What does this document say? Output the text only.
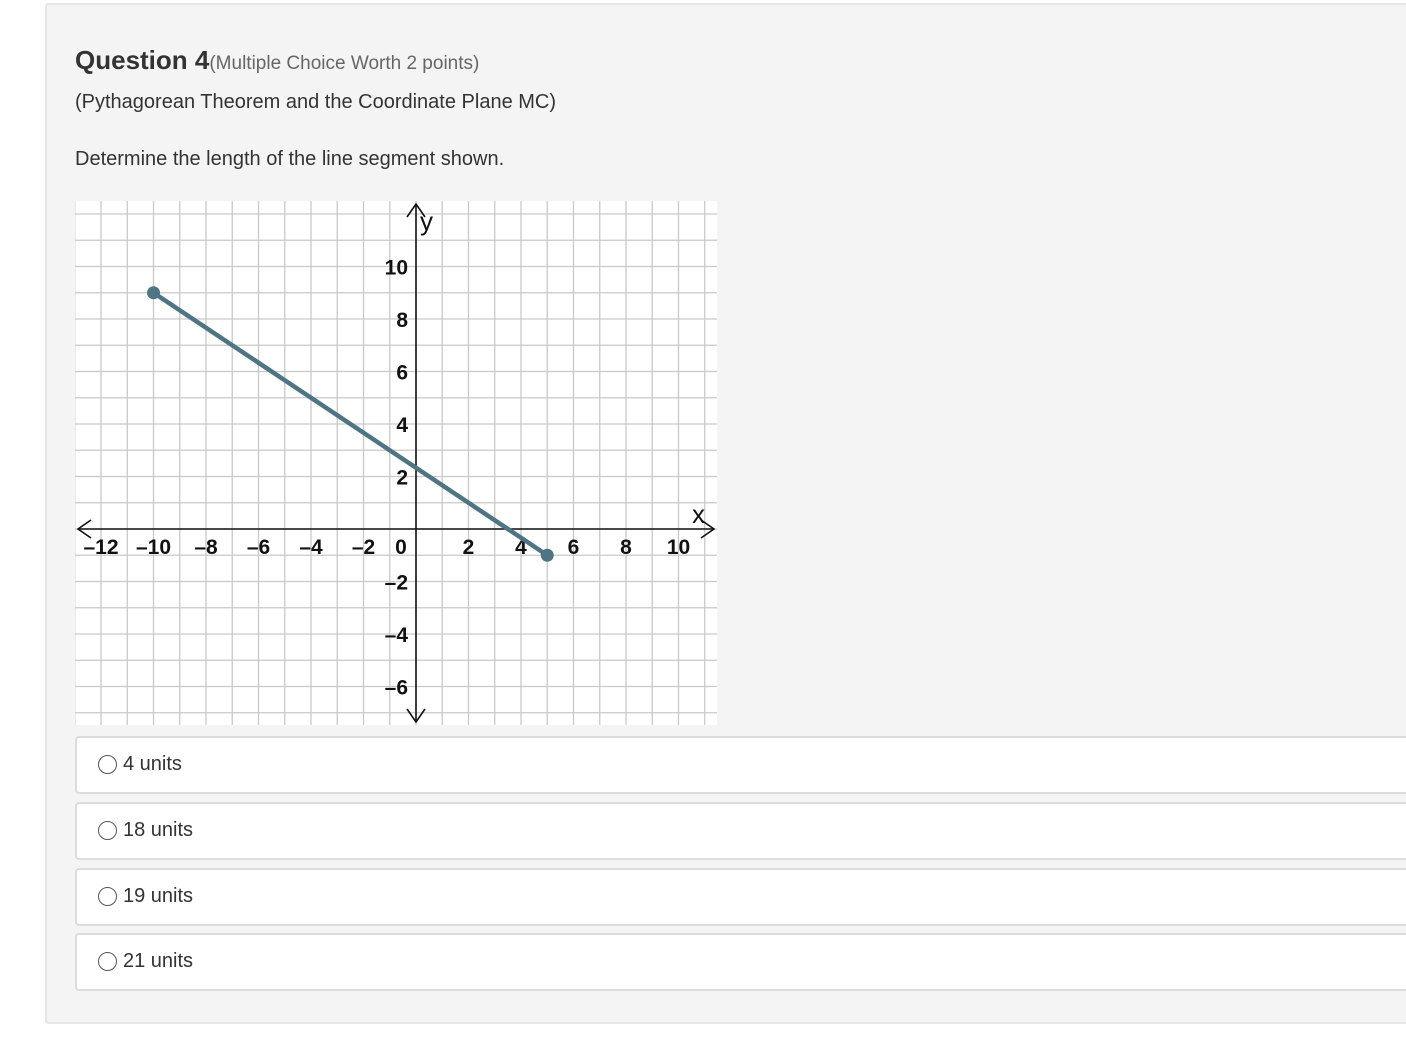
Question 4(Multiple Choice Worth 2 points)
(Pythagorean Theorem and the Coordinate Plane MC)
Determine the length of the line segment shown.
x
y
–12 –10 –8 –6 –4 –2 0	2 4 6 8 10
10
8
6
4
2
–2
–4
–6
4 units
18 units
19 units
21 units
